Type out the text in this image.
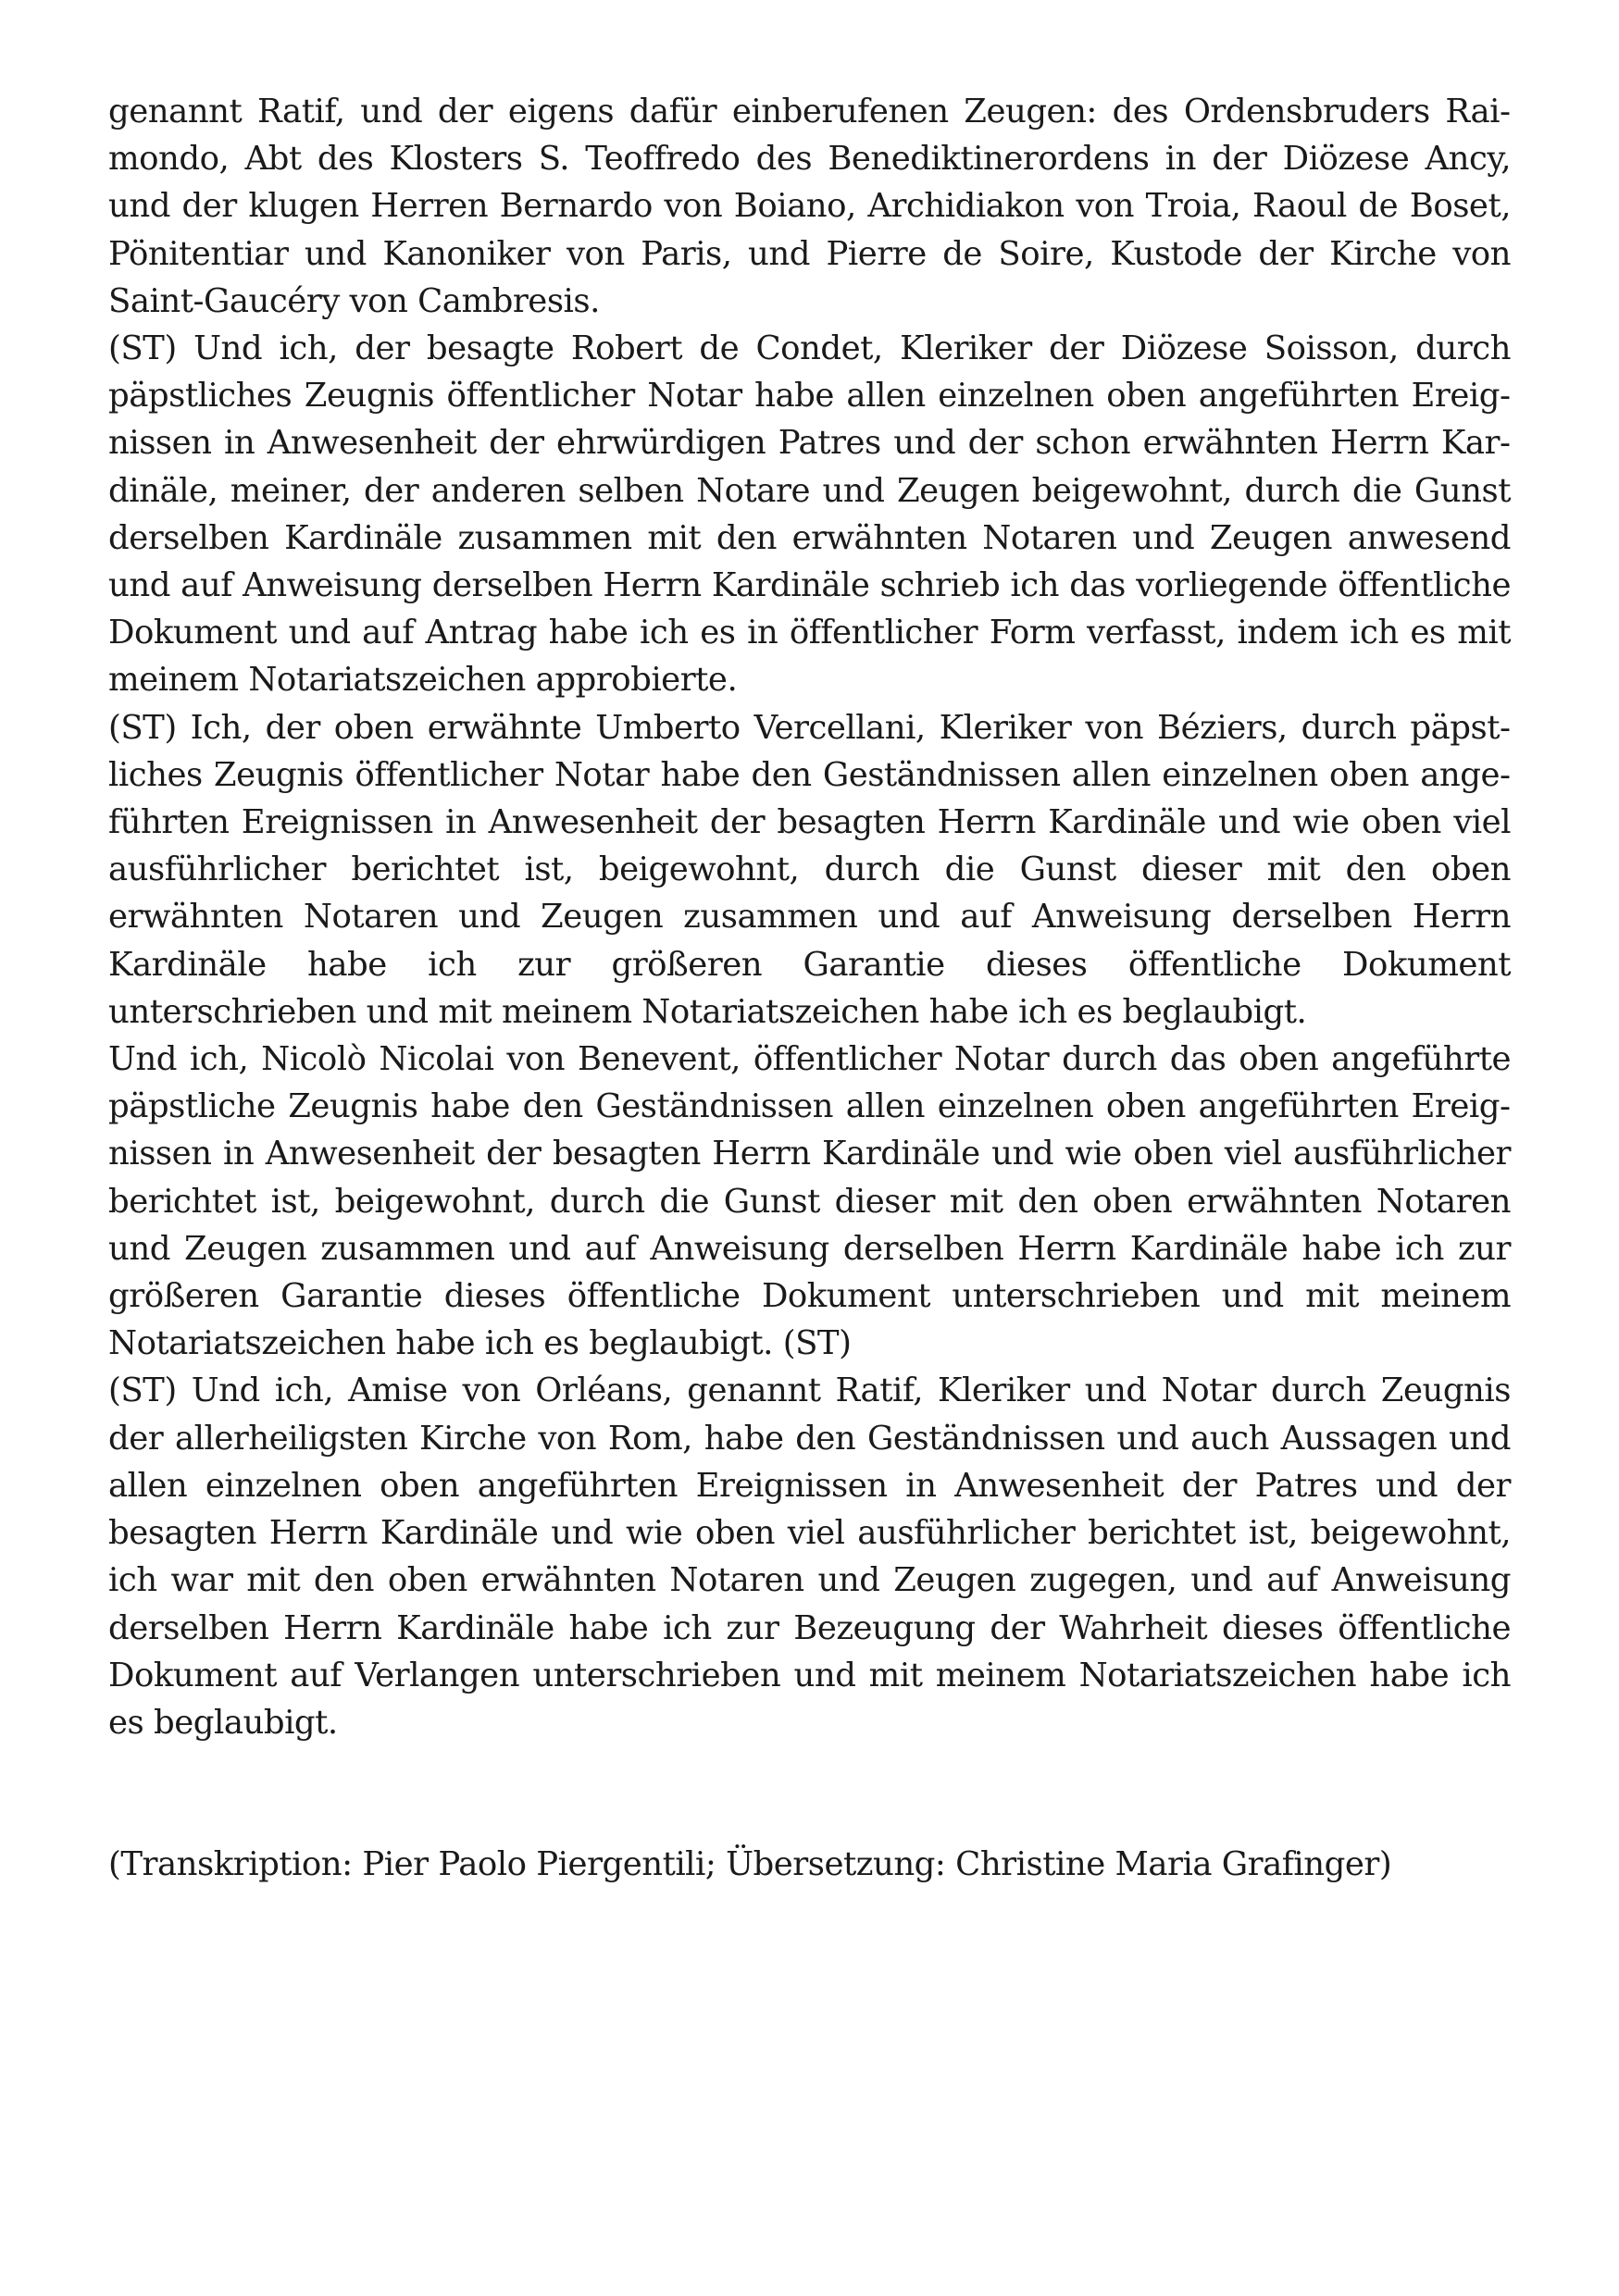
genannt Ratif, und der eigens dafür einberufenen Zeugen: des Ordensbruders Raimondo, Abt des Klosters S. Teoffredo des Benediktinerordens in der Diözese Ancy, und der klugen Herren Bernardo von Boiano, Archidiakon von Troia, Raoul de Boset, Pönitentiar und Kanoniker von Paris, und Pierre de Soire, Kustode der Kirche von Saint-Gaucéry von Cambresis.

(ST) Und ich, der besagte Robert de Condet, Kleriker der Diözese Soisson, durch päpstliches Zeugnis öffentlicher Notar habe allen einzelnen oben angeführten Ereignissen in Anwesenheit der ehrwürdigen Patres und der schon erwähnten Herrn Kardinäle, meiner, der anderen selben Notare und Zeugen beigewohnt, durch die Gunst derselben Kardinäle zusammen mit den erwähnten Notaren und Zeugen anwesend und auf Anweisung derselben Herrn Kardinäle schrieb ich das vorliegende öffentliche Dokument und auf Antrag habe ich es in öffentlicher Form verfasst, indem ich es mit meinem Notariatszeichen approbierte.

(ST) Ich, der oben erwähnte Umberto Vercellani, Kleriker von Béziers, durch päpstliches Zeugnis öffentlicher Notar habe den Geständnissen allen einzelnen oben angeführten Ereignissen in Anwesenheit der besagten Herrn Kardinäle und wie oben viel ausführlicher berichtet ist, beigewohnt, durch die Gunst dieser mit den oben erwähnten Notaren und Zeugen zusammen und auf Anweisung derselben Herrn Kardinäle habe ich zur größeren Garantie dieses öffentliche Dokument unterschrieben und mit meinem Notariatszeichen habe ich es beglaubigt.

Und ich, Nicolò Nicolai von Benevent, öffentlicher Notar durch das oben angeführte päpstliche Zeugnis habe den Geständnissen allen einzelnen oben angeführten Ereignissen in Anwesenheit der besagten Herrn Kardinäle und wie oben viel ausführlicher berichtet ist, beigewohnt, durch die Gunst dieser mit den oben erwähnten Notaren und Zeugen zusammen und auf Anweisung derselben Herrn Kardinäle habe ich zur größeren Garantie dieses öffentliche Dokument unterschrieben und mit meinem Notariatszeichen habe ich es beglaubigt. (ST)

(ST) Und ich, Amise von Orléans, genannt Ratif, Kleriker und Notar durch Zeugnis der allerheiligsten Kirche von Rom, habe den Geständnissen und auch Aussagen und allen einzelnen oben angeführten Ereignissen in Anwesenheit der Patres und der besagten Herrn Kardinäle und wie oben viel ausführlicher berichtet ist, beigewohnt, ich war mit den oben erwähnten Notaren und Zeugen zugegen, und auf Anweisung derselben Herrn Kardinäle habe ich zur Bezeugung der Wahrheit dieses öffentliche Dokument auf Verlangen unterschrieben und mit meinem Notariatszeichen habe ich es beglaubigt.

(Transkription: Pier Paolo Piergentili; Übersetzung: Christine Maria Grafinger)
